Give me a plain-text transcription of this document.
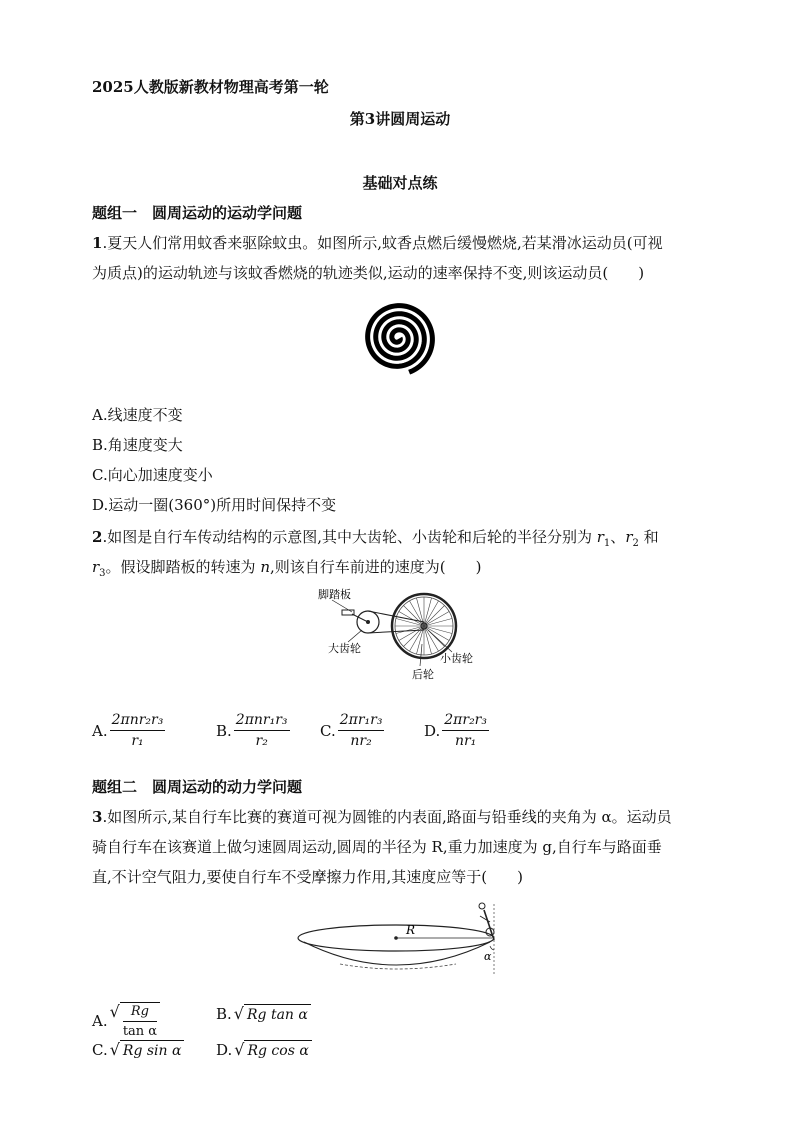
2025人教版新教材物理高考第一轮
第3讲圆周运动
基础对点练
题组一　圆周运动的运动学问题
1.夏天人们常用蚊香来驱除蚊虫。如图所示,蚊香点燃后缓慢燃烧,若某滑冰运动员(可视
为质点)的运动轨迹与该蚊香燃烧的轨迹类似,运动的速率保持不变,则该运动员(　　)
A.线速度不变
B.角速度变大
C.向心加速度变小
D.运动一圈(360°)所用时间保持不变
2.如图是自行车传动结构的示意图,其中大齿轮、小齿轮和后轮的半径分别为 $r_1$、$r_2$ 和
$r_3$。假设脚踏板的转速为 n,则该自行车前进的速度为(　　)
脚踏板
大齿轮
小齿轮
后轮
A. $\frac{\text{2πnr₂r₃}}{\text{r₁}}$	B. $\frac{\text{2πnr₁r₃}}{\text{r₂}} C$. $\frac{\text{2πr₁r₃}}{\text{nr₂}}$	D. $\frac{\text{2πr₂r₃}}{\text{nr₁}}$
题组二　圆周运动的动力学问题
3.如图所示,某自行车比赛的赛道可视为圆锥的内表面,路面与铅垂线的夹角为 α。运动员
骑自行车在该赛道上做匀速圆周运动,圆周的半径为 R,重力加速度为 g,自行车与路面垂
直,不计空气阻力,要使自行车不受摩擦力作用,其速度应等于(　　)
R
α
A. √ $\frac{Rg}{\text{tan α}}$	B. √ Rg tan α
C. √ Rg sin α D. √ Rg cos α
